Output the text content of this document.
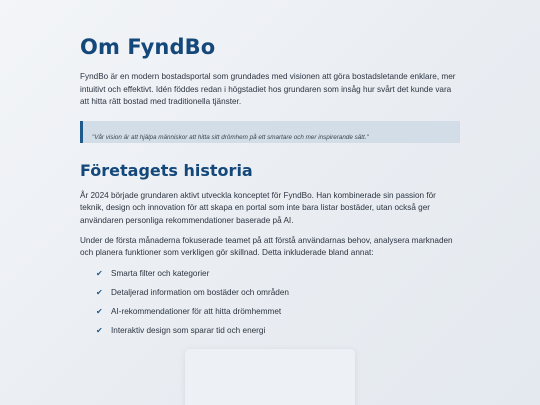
Om FyndBo

FyndBo är en modern bostadsportal som grundades med visionen att göra bostadsletande enklare, mer intuitivt och effektivt. Idén föddes redan i högstadiet hos grundaren som insåg hur svårt det kunde vara att hitta rätt bostad med traditionella tjänster.

"Vår vision är att hjälpa människor att hitta sitt drömhem på ett smartare och mer inspirerande sätt."
Företagets historia

År 2024 började grundaren aktivt utveckla konceptet för FyndBo. Han kombinerade sin passion för teknik, design och innovation för att skapa en portal som inte bara listar bostäder, utan också ger användaren personliga rekommendationer baserade på AI.

Under de första månaderna fokuserade teamet på att förstå användarnas behov, analysera marknaden och planera funktioner som verkligen gör skillnad. Detta inkluderade bland annat:

✔ Smarta filter och kategorier
✔ Detaljerad information om bostäder och områden
✔ AI-rekommendationer för att hitta drömhemmet
✔ Interaktiv design som sparar tid och energi
